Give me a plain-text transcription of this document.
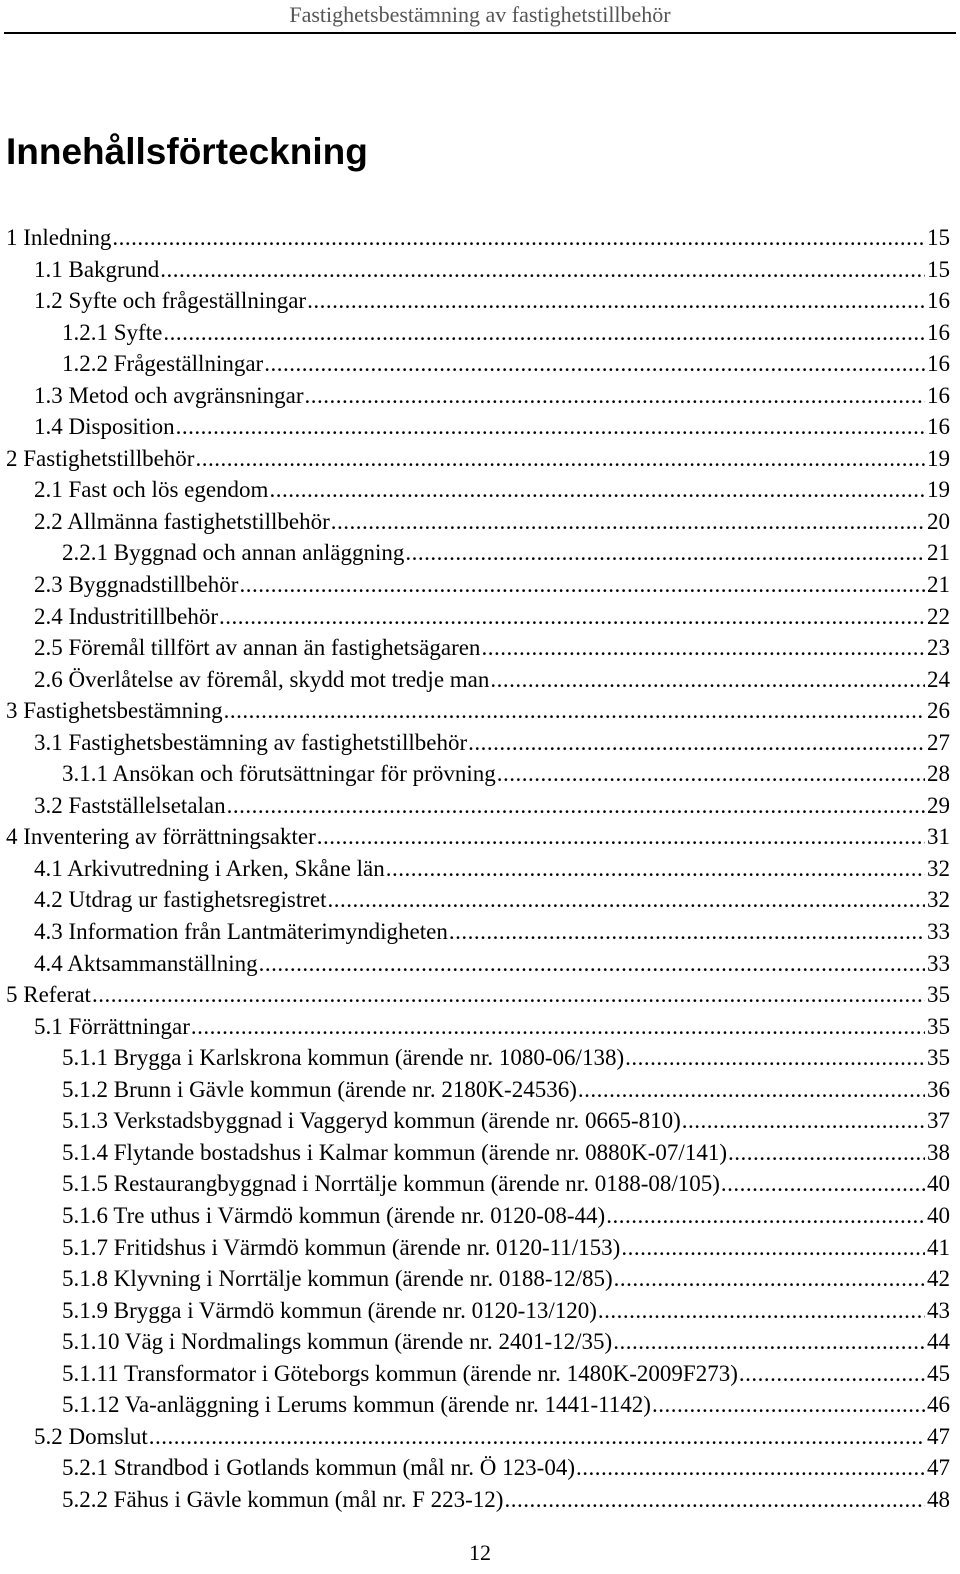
Fastighetsbestämning av fastighetstillbehör
Innehållsförteckning
1 Inledning .....	15
1.1 Bakgrund .....	15
1.2 Syfte och frågeställningar .....	16
1.2.1 Syfte .....	16
1.2.2 Frågeställningar .....	16
1.3 Metod och avgränsningar .....	16
1.4 Disposition .....	16
2 Fastighetstillbehör .....	19
2.1 Fast och lös egendom .....	19
2.2 Allmänna fastighetstillbehör .....	20
2.2.1 Byggnad och annan anläggning .....	21
2.3 Byggnadstillbehör .....	21
2.4 Industritillbehör .....	22
2.5 Föremål tillfört av annan än fastighetsägaren .....	23
2.6 Överlåtelse av föremål, skydd mot tredje man .....	24
3 Fastighetsbestämning .....	26
3.1 Fastighetsbestämning av fastighetstillbehör .....	27
3.1.1 Ansökan och förutsättningar för prövning .....	28
3.2 Fastställelsetalan .....	29
4 Inventering av förrättningsakter .....	31
4.1 Arkivutredning i Arken, Skåne län .....	32
4.2 Utdrag ur fastighetsregistret .....	32
4.3 Information från Lantmäterimyndigheten .....	33
4.4 Aktsammanställning .....	33
5 Referat .....	35
5.1 Förrättningar .....	35
5.1.1 Brygga i Karlskrona kommun (ärende nr. 1080-06/138) .....	35
5.1.2 Brunn i Gävle kommun (ärende nr. 2180K-24536) .....	36
5.1.3 Verkstadsbyggnad i Vaggeryd kommun (ärende nr. 0665-810) .....	37
5.1.4 Flytande bostadshus i Kalmar kommun (ärende nr. 0880K-07/141) .....	38
5.1.5 Restaurangbyggnad i Norrtälje kommun (ärende nr. 0188-08/105) .....	40
5.1.6 Tre uthus i Värmdö kommun (ärende nr. 0120-08-44) .....	40
5.1.7 Fritidshus i Värmdö kommun (ärende nr. 0120-11/153) .....	41
5.1.8 Klyvning i Norrtälje kommun (ärende nr. 0188-12/85) .....	42
5.1.9 Brygga i Värmdö kommun (ärende nr. 0120-13/120) .....	43
5.1.10 Väg i Nordmalings kommun (ärende nr. 2401-12/35) .....	44
5.1.11 Transformator i Göteborgs kommun (ärende nr. 1480K-2009F273) .....	45
5.1.12 Va-anläggning i Lerums kommun (ärende nr. 1441-1142) .....	46
5.2 Domslut .....	47
5.2.1 Strandbod i Gotlands kommun (mål nr. Ö 123-04) .....	47
5.2.2 Fähus i Gävle kommun (mål nr. F 223-12) .....	48
12
